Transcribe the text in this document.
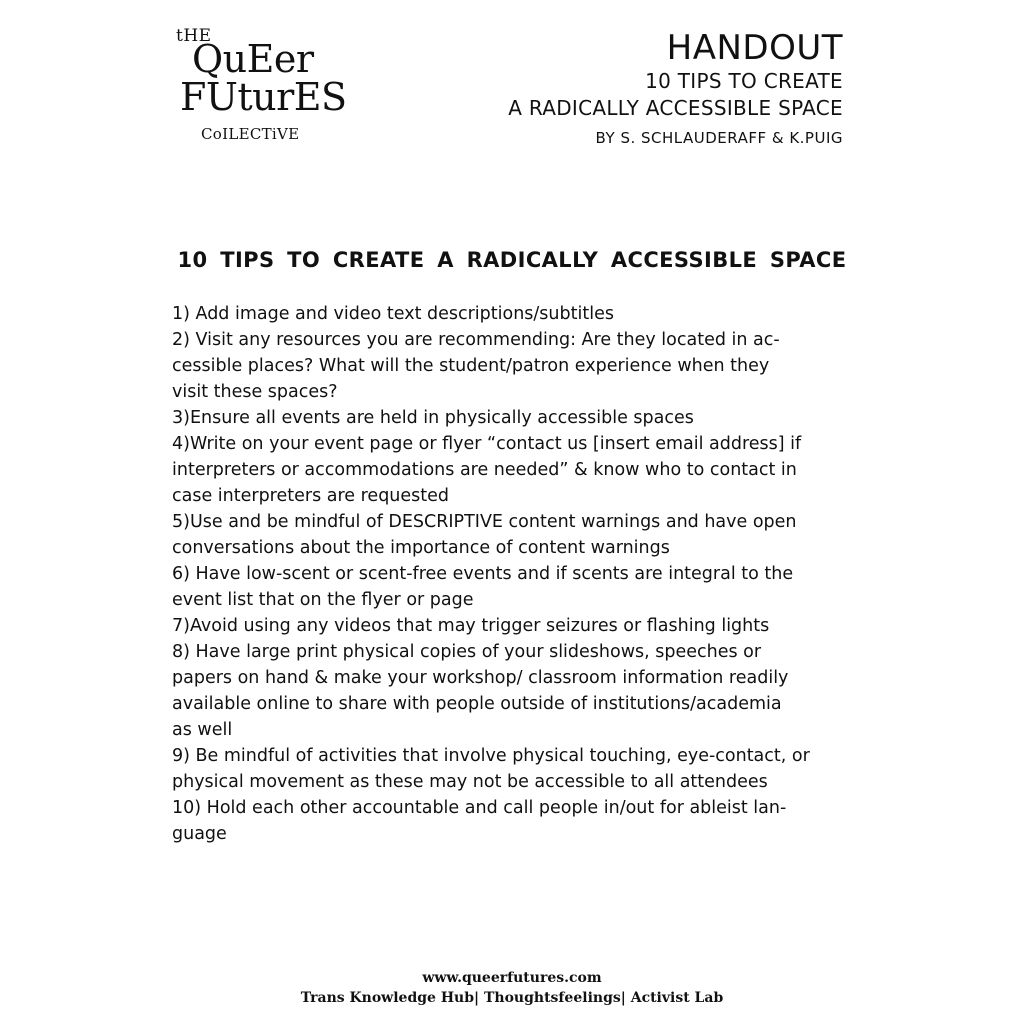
tHE
QuEer
FUturES
CoILECTiVE
HANDOUT
10 TIPS TO CREATE
A RADICALLY ACCESSIBLE SPACE
BY S. SCHLAUDERAFF & K.PUIG
10 TIPS TO CREATE A RADICALLY ACCESSIBLE SPACE
1) Add image and video text descriptions/subtitles
2) Visit any resources you are recommending: Are they located in ac-
cessible places? What will the student/patron experience when they
visit these spaces?
3)Ensure all events are held in physically accessible spaces
4)Write on your event page or flyer “contact us [insert email address] if
interpreters or accommodations are needed” & know who to contact in
case interpreters are requested
5)Use and be mindful of DESCRIPTIVE content warnings and have open
conversations about the importance of content warnings
6) Have low-scent or scent-free events and if scents are integral to the
event list that on the flyer or page
7)Avoid using any videos that may trigger seizures or flashing lights
8) Have large print physical copies of your slideshows, speeches or
papers on hand & make your workshop/ classroom information readily
available online to share with people outside of institutions/academia
as well
9) Be mindful of activities that involve physical touching, eye-contact, or
physical movement as these may not be accessible to all attendees
10) Hold each other accountable and call people in/out for ableist lan-
guage
www.queerfutures.com
Trans Knowledge Hub| Thoughtsfeelings| Activist Lab
